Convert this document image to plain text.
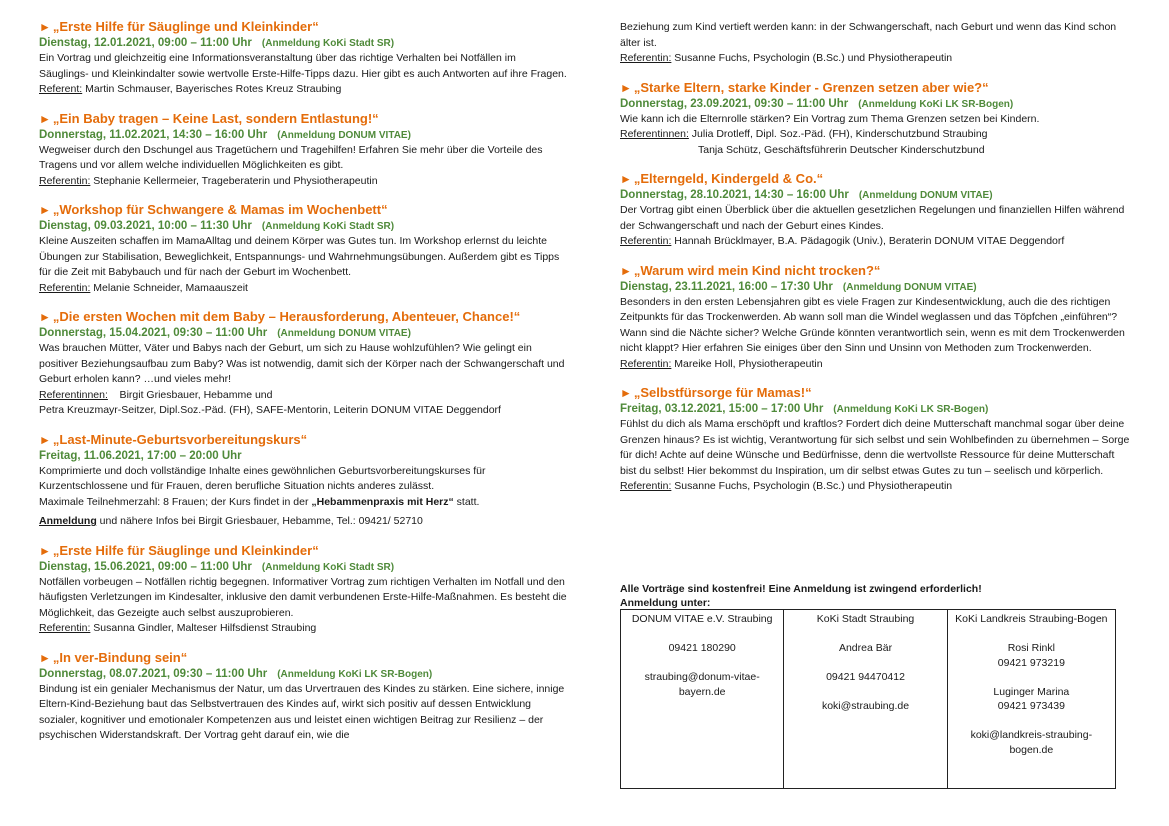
► „Erste Hilfe für Säuglinge und Kleinkinder“
Dienstag, 12.01.2021, 09:00 – 11:00 Uhr (Anmeldung KoKi Stadt SR)
Ein Vortrag und gleichzeitig eine Informationsveranstaltung über das richtige Verhalten bei Notfällen im Säuglings- und Kleinkindalter sowie wertvolle Erste-Hilfe-Tipps dazu. Hier gibt es auch Antworten auf ihre Fragen.
Referent: Martin Schmauser, Bayerisches Rotes Kreuz Straubing
► „Ein Baby tragen – Keine Last, sondern Entlastung!“
Donnerstag, 11.02.2021, 14:30 – 16:00 Uhr (Anmeldung DONUM VITAE)
Wegweiser durch den Dschungel aus Tragetüchern und Tragehilfen! Erfahren Sie mehr über die Vorteile des Tragens und vor allem welche individuellen Möglichkeiten es gibt.
Referentin: Stephanie Kellermeier, Trageberaterin und Physiotherapeutin
► „Workshop für Schwangere & Mamas im Wochenbett“
Dienstag, 09.03.2021, 10:00 – 11:30 Uhr (Anmeldung KoKi Stadt SR)
Kleine Auszeiten schaffen im MamaAlltag und deinem Körper was Gutes tun. Im Workshop erlernst du leichte Übungen zur Stabilisation, Beweglichkeit, Entspannungs- und Wahrnehmungsübungen. Außerdem gibt es Tipps für die Zeit mit Babybauch und für nach der Geburt im Wochenbett.
Referentin: Melanie Schneider, Mamaauszeit
► „Die ersten Wochen mit dem Baby – Herausforderung, Abenteuer, Chance!“
Donnerstag, 15.04.2021, 09:30 – 11:00 Uhr (Anmeldung DONUM VITAE)
Was brauchen Mütter, Väter und Babys nach der Geburt, um sich zu Hause wohlzufühlen? Wie gelingt ein positiver Beziehungsaufbau zum Baby? Was ist notwendig, damit sich der Körper nach der Schwangerschaft und Geburt erholen kann? …und vieles mehr!
Referentinnen:    Birgit Griesbauer, Hebamme und
Petra Kreuzmayr-Seitzer, Dipl.Soz.-Päd. (FH), SAFE-Mentorin, Leiterin DONUM VITAE Deggendorf
► „Last-Minute-Geburtsvorbereitungskurs“
Freitag, 11.06.2021, 17:00 – 20:00 Uhr
Komprimierte und doch vollständige Inhalte eines gewöhnlichen Geburtsvorbereitungskurses für Kurzentschlossene und für Frauen, deren berufliche Situation nichts anderes zulässt.
Maximale Teilnehmerzahl: 8 Frauen; der Kurs findet in der „Hebammenpraxis mit Herz“ statt.
Anmeldung und nähere Infos bei Birgit Griesbauer, Hebamme, Tel.: 09421/ 52710
► „Erste Hilfe für Säuglinge und Kleinkinder“
Dienstag, 15.06.2021, 09:00 – 11:00 Uhr (Anmeldung KoKi Stadt SR)
Notfällen vorbeugen – Notfällen richtig begegnen. Informativer Vortrag zum richtigen Verhalten im Notfall und den häufigsten Verletzungen im Kindesalter, inklusive den damit verbundenen Erste-Hilfe-Maßnahmen. Es besteht die Möglichkeit, das Gezeigte auch selbst auszuprobieren.
Referentin: Susanna Gindler, Malteser Hilfsdienst Straubing
► „In ver-Bindung sein“
Donnerstag, 08.07.2021, 09:30 – 11:00 Uhr (Anmeldung KoKi LK SR-Bogen)
Bindung ist ein genialer Mechanismus der Natur, um das Urvertrauen des Kindes zu stärken. Eine sichere, innige Eltern-Kind-Beziehung baut das Selbstvertrauen des Kindes auf, wirkt sich positiv auf dessen Entwicklung sozialer, kognitiver und emotionaler Kompetenzen aus und leistet einen wichtigen Beitrag zur Resilienz – der psychischen Widerstandskraft. Der Vortrag geht darauf ein, wie die
Beziehung zum Kind vertieft werden kann: in der Schwangerschaft, nach Geburt und wenn das Kind schon älter ist.
Referentin: Susanne Fuchs, Psychologin (B.Sc.) und Physiotherapeutin
► „Starke Eltern, starke Kinder - Grenzen setzen aber wie?“
Donnerstag, 23.09.2021, 09:30 – 11:00 Uhr (Anmeldung KoKi LK SR-Bogen)
Wie kann ich die Elternrolle stärken? Ein Vortrag zum Thema Grenzen setzen bei Kindern.
Referentinnen: Julia Drotleff, Dipl. Soz.-Päd. (FH), Kinderschutzbund Straubing
Tanja Schütz, Geschäftsführerin Deutscher Kinderschutzbund
► „Elterngeld, Kindergeld & Co.“
Donnerstag, 28.10.2021, 14:30 – 16:00 Uhr (Anmeldung DONUM VITAE)
Der Vortrag gibt einen Überblick über die aktuellen gesetzlichen Regelungen und finanziellen Hilfen während der Schwangerschaft und nach der Geburt eines Kindes.
Referentin: Hannah Brücklmayer, B.A. Pädagogik (Univ.), Beraterin DONUM VITAE Deggendorf
► „Warum wird mein Kind nicht trocken?“
Dienstag, 23.11.2021, 16:00 – 17:30 Uhr (Anmeldung DONUM VITAE)
Besonders in den ersten Lebensjahren gibt es viele Fragen zur Kindesentwicklung, auch die des richtigen Zeitpunkts für das Trockenwerden. Ab wann soll man die Windel weglassen und das Töpfchen „einführen“? Wann sind die Nächte sicher? Welche Gründe könnten verantwortlich sein, wenn es mit dem Trockenwerden nicht klappt? Hier erfahren Sie einiges über den Sinn und Unsinn von Methoden zum Trockenwerden.
Referentin: Mareike Holl, Physiotherapeutin
► „Selbstfürsorge für Mamas!“
Freitag, 03.12.2021, 15:00 – 17:00 Uhr (Anmeldung KoKi LK SR-Bogen)
Fühlst du dich als Mama erschöpft und kraftlos? Fordert dich deine Mutterschaft manchmal sogar über deine Grenzen hinaus? Es ist wichtig, Verantwortung für sich selbst und sein Wohlbefinden zu übernehmen – Sorge für dich! Achte auf deine Wünsche und Bedürfnisse, denn die wertvollste Ressource für deine Mutterschaft bist du selbst! Hier bekommst du Inspiration, um dir selbst etwas Gutes zu tun – seelisch und körperlich.
Referentin: Susanne Fuchs, Psychologin (B.Sc.) und Physiotherapeutin
Alle Vorträge sind kostenfrei! Eine Anmeldung ist zwingend erforderlich!
Anmeldung unter:
DONUM VITAE e.V. Straubing
09421 180290
straubing@donum-vitae-bayern.de

KoKi Stadt Straubing
Andrea Bär
09421 94470412
koki@straubing.de

KoKi Landkreis Straubing-Bogen
Rosi Rinkl
09421 973219
Luginger Marina
09421 973439
koki@landkreis-straubing-bogen.de
